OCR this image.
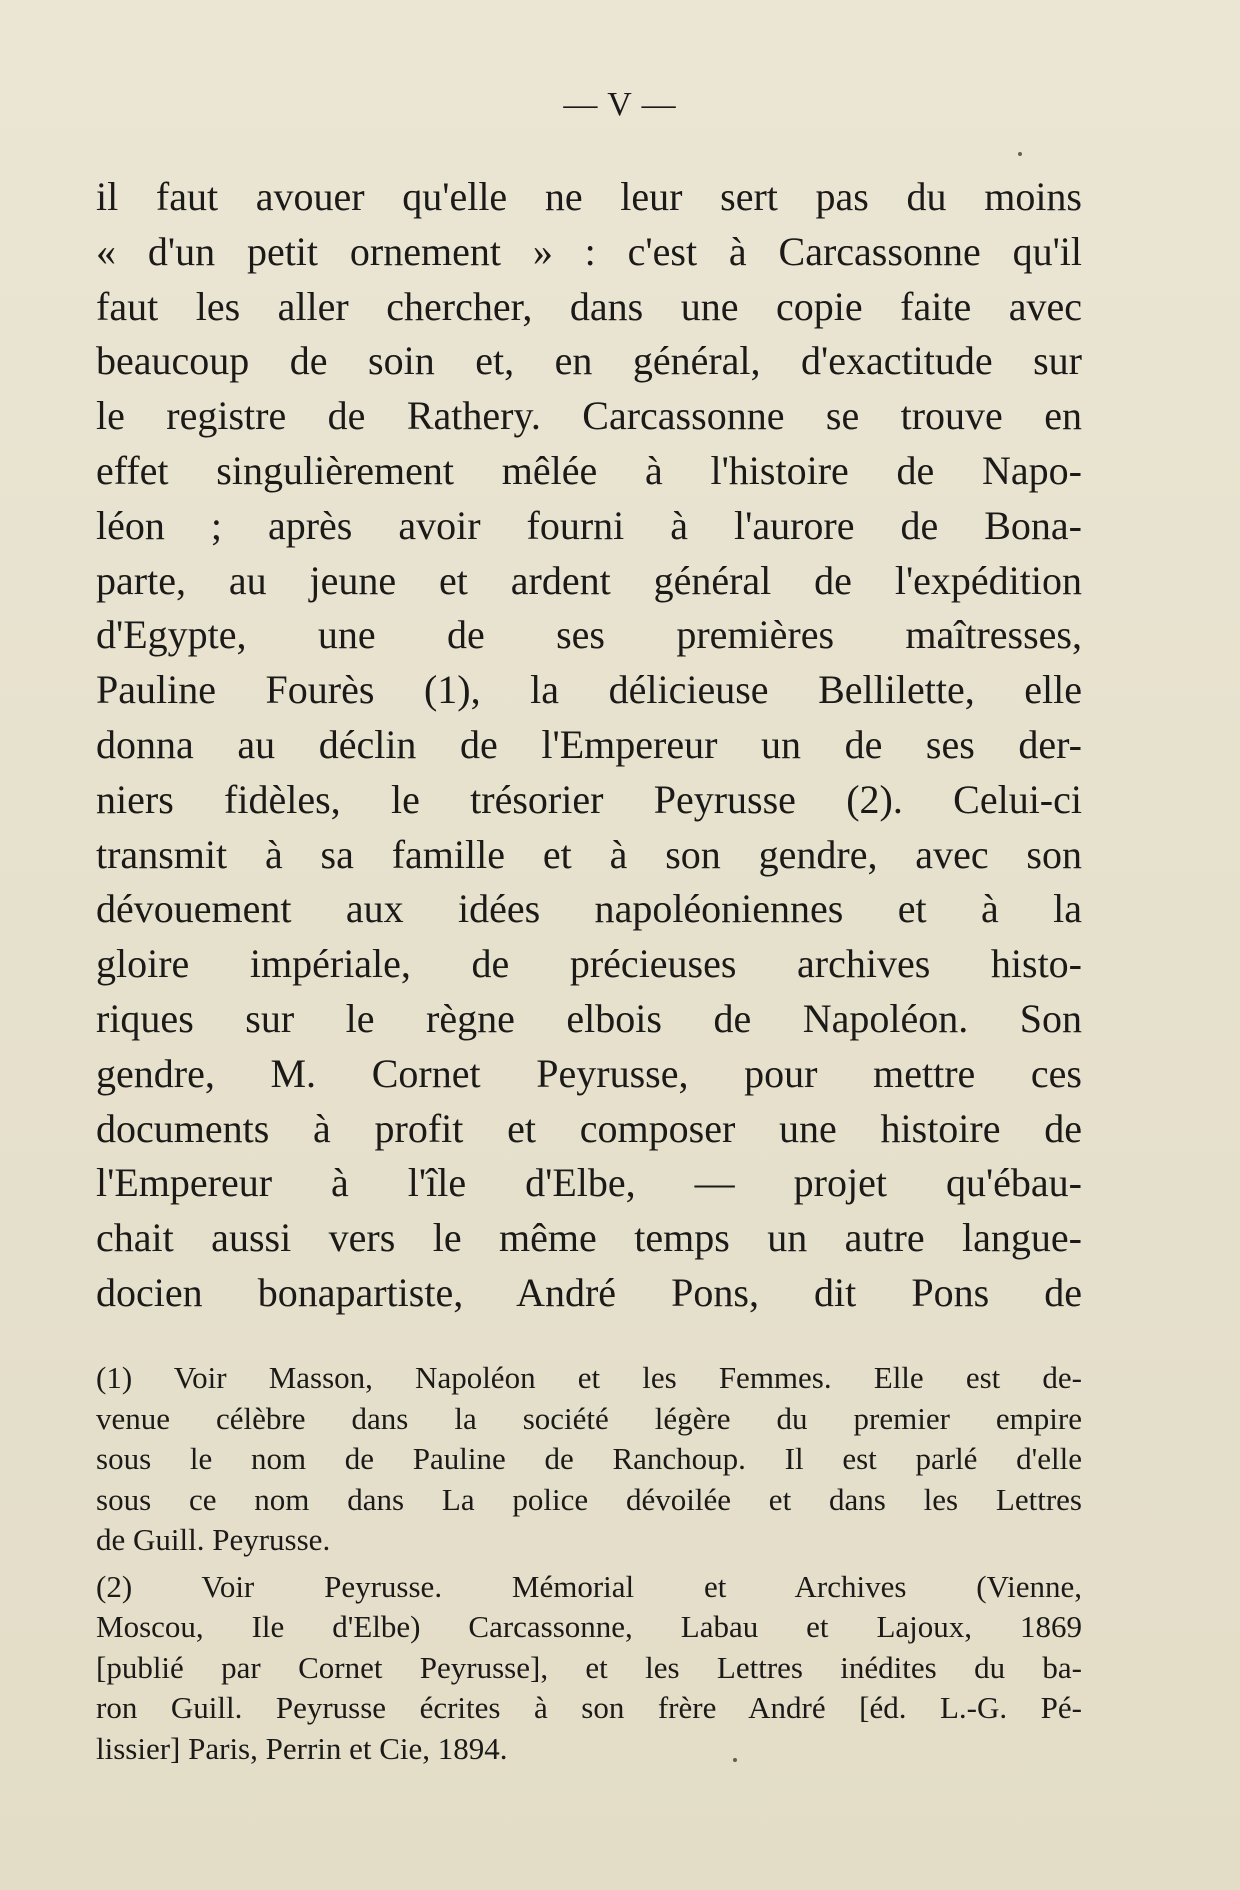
— V —
il faut avouer qu'elle ne leur sert pas du moins
« d'un petit ornement » : c'est à Carcassonne qu'il
faut les aller chercher, dans une copie faite avec
beaucoup de soin et, en général, d'exactitude sur
le registre de Rathery. Carcassonne se trouve en
effet singulièrement mêlée à l'histoire de Napo-
léon ; après avoir fourni à l'aurore de Bona-
parte, au jeune et ardent général de l'expédition
d'Egypte, une de ses premières maîtresses,
Pauline Fourès (1), la délicieuse Bellilette, elle
donna au déclin de l'Empereur un de ses der-
niers fidèles, le trésorier Peyrusse (2). Celui-ci
transmit à sa famille et à son gendre, avec son
dévouement aux idées napoléoniennes et à la
gloire impériale, de précieuses archives histo-
riques sur le règne elbois de Napoléon. Son
gendre, M. Cornet Peyrusse, pour mettre ces
documents à profit et composer une histoire de
l'Empereur à l'île d'Elbe, — projet qu'ébau-
chait aussi vers le même temps un autre langue-
docien bonapartiste, André Pons, dit Pons de
(1) Voir Masson, Napoléon et les Femmes. Elle est de-
venue célèbre dans la société légère du premier empire
sous le nom de Pauline de Ranchoup. Il est parlé d'elle
sous ce nom dans La police dévoilée et dans les Lettres
de Guill. Peyrusse.
(2) Voir Peyrusse. Mémorial et Archives (Vienne,
Moscou, Ile d'Elbe) Carcassonne, Labau et Lajoux, 1869
[publié par Cornet Peyrusse], et les Lettres inédites du ba-
ron Guill. Peyrusse écrites à son frère André [éd. L.-G. Pé-
lissier] Paris, Perrin et Cie, 1894.
